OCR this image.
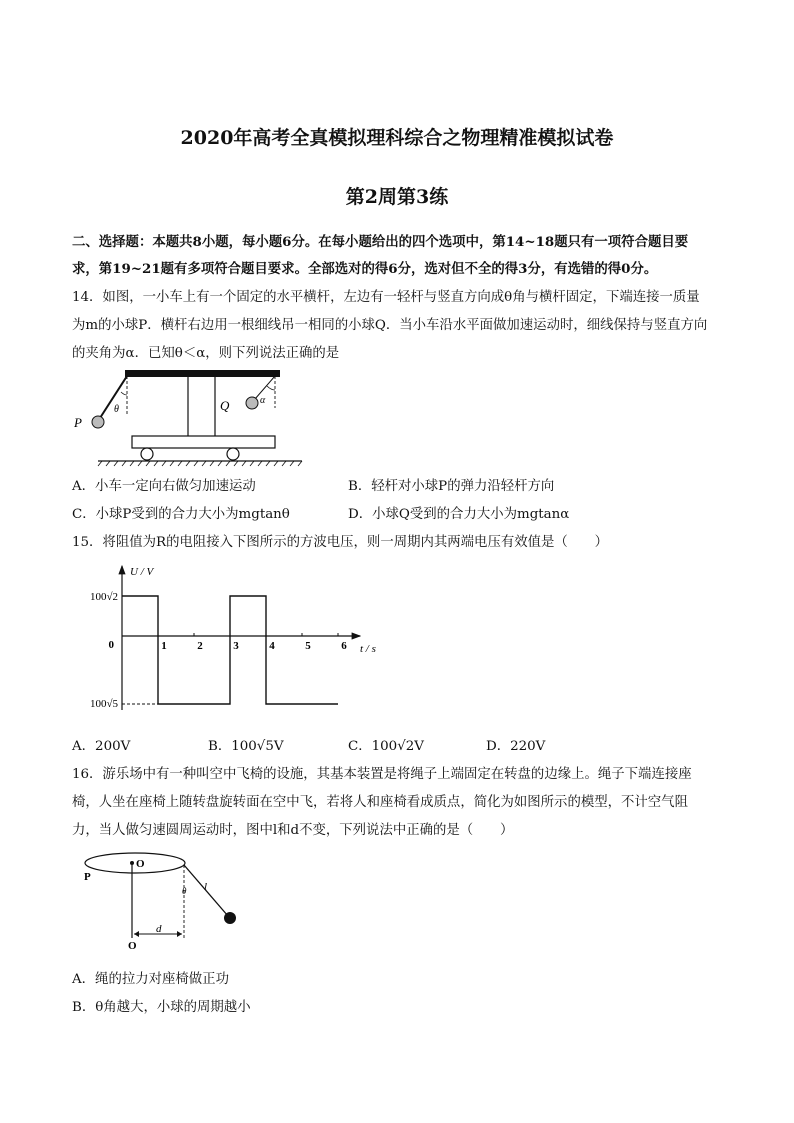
2020年高考全真模拟理科综合之物理精准模拟试卷
第2周第3练
二、选择题：本题共8小题，每小题6分。在每小题给出的四个选项中，第14~18题只有一项符合题目要
求，第19~21题有多项符合题目要求。全部选对的得6分，选对但不全的得3分，有选错的得0分。
14．如图，一小车上有一个固定的水平横杆，左边有一轻杆与竖直方向成θ角与横杆固定，下端连接一质量
为m的小球P．横杆右边用一根细线吊一相同的小球Q．当小车沿水平面做加速运动时，细线保持与竖直方向
的夹角为α．已知θ＜α，则下列说法正确的是
P
θ	Q	α
A．小车一定向右做匀加速运动	B．轻杆对小球P的弹力沿轻杆方向
C．小球P受到的合力大小为mgtanθ	D．小球Q受到的合力大小为mgtanα
15．将阻值为R的电阻接入下图所示的方波电压，则一周期内其两端电压有效值是（　　）
U / V
t / s
0
100√2
100√5
1	2	3	4	5	6
A．200V	B．100√5V	C．100√2V	D．220V
16．游乐场中有一种叫空中飞椅的设施，其基本装置是将绳子上端固定在转盘的边缘上。绳子下端连接座
椅，人坐在座椅上随转盘旋转面在空中飞，若将人和座椅看成质点，简化为如图所示的模型，不计空气阻
力，当人做匀速圆周运动时，图中l和d不变，下列说法中正确的是（　　）
O
P
O
l
θ
d
A．绳的拉力对座椅做正功
B．θ角越大，小球的周期越小
